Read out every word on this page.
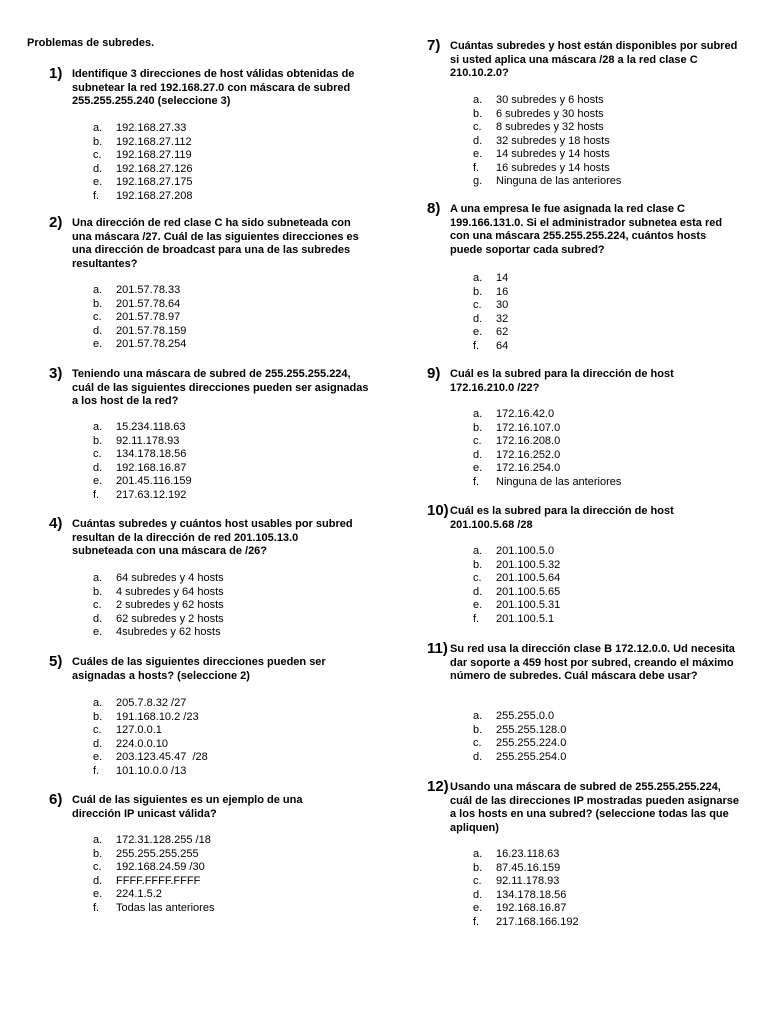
Problemas de subredes.
1) Identifique 3 direcciones de host válidas obtenidas de subnetear la red 192.168.27.0 con máscara de subred 255.255.255.240 (seleccione 3)
a.	192.168.27.33
b.	192.168.27.112
c.	192.168.27.119
d.	192.168.27.126
e.	192.168.27.175
f.	192.168.27.208
2) Una dirección de red clase C ha sido subneteada con una máscara /27. Cuál de las siguientes direcciones es una dirección de broadcast para una de las subredes resultantes?
a.	201.57.78.33
b.	201.57.78.64
c.	201.57.78.97
d.	201.57.78.159
e.	201.57.78.254
3) Teniendo una máscara de subred de 255.255.255.224, cuál de las siguientes direcciones pueden ser asignadas a los host de la red?
a.	15.234.118.63
b.	92.11.178.93
c.	134.178.18.56
d.	192.168.16.87
e.	201.45.116.159
f.	217.63.12.192
4) Cuántas subredes y cuántos host usables por subred resultan de la dirección de red 201.105.13.0 subneteada con una máscara de /26?
a.	64 subredes y 4 hosts
b.	4 subredes y 64 hosts
c.	2 subredes y 62 hosts
d.	62 subredes y 2 hosts
e.	4subredes y 62 hosts
5) Cuáles de las siguientes direcciones pueden ser asignadas a hosts? (seleccione 2)
a.	205.7.8.32 /27
b.	191.168.10.2 /23
c.	127.0.0.1
d.	224.0.0.10
e.	203.123.45.47  /28
f.	101.10.0.0 /13
6) Cuál de las siguientes es un ejemplo de una dirección IP unicast válida?
a.	172.31.128.255 /18
b.	255.255.255.255
c.	192.168.24.59 /30
d.	FFFF.FFFF.FFFF
e.	224.1.5.2
f.	Todas las anteriores
7) Cuántas subredes y host están disponibles por subred si usted aplica una máscara /28 a la red clase C 210.10.2.0?
a.	30 subredes y 6 hosts
b.	6 subredes y 30 hosts
c.	8 subredes y 32 hosts
d.	32 subredes y 18 hosts
e.	14 subredes y 14 hosts
f.	16 subredes y 14 hosts
g.	Ninguna de las anteriores
8) A una empresa le fue asignada la red clase C 199.166.131.0. Si el administrador subnetea esta red con una máscara 255.255.255.224, cuántos hosts puede soportar cada subred?
a.	14
b.	16
c.	30
d.	32
e.	62
f.	64
9) Cuál es la subred para la dirección de host 172.16.210.0 /22?
a.	172.16.42.0
b.	172.16.107.0
c.	172.16.208.0
d.	172.16.252.0
e.	172.16.254.0
f.	Ninguna de las anteriores
10) Cuál es la subred para la dirección de host 201.100.5.68 /28
a.	201.100.5.0
b.	201.100.5.32
c.	201.100.5.64
d.	201.100.5.65
e.	201.100.5.31
f.	201.100.5.1
11) Su red usa la dirección clase B 172.12.0.0. Ud necesita dar soporte a 459 host por subred, creando el máximo número de subredes. Cuál máscara debe usar?
a.	255.255.0.0
b.	255.255.128.0
c.	255.255.224.0
d.	255.255.254.0
12) Usando una máscara de subred de 255.255.255.224, cuál de las direcciones IP mostradas pueden asignarse a los hosts en una subred? (seleccione todas las que apliquen)
a.	16.23.118.63
b.	87.45.16.159
c.	92.11.178.93
d.	134.178.18.56
e.	192.168.16.87
f.	217.168.166.192
